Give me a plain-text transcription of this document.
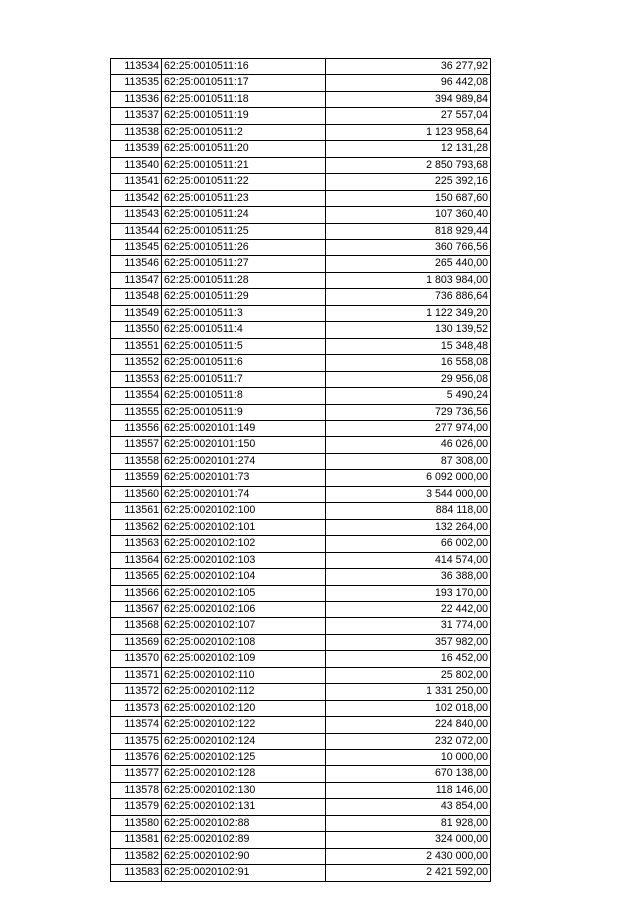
113534	62:25:0010511:16	36 277,92
113535	62:25:0010511:17	96 442,08
113536	62:25:0010511:18	394 989,84
113537	62:25:0010511:19	27 557,04
113538	62:25:0010511:2	1 123 958,64
113539	62:25:0010511:20	12 131,28
113540	62:25:0010511:21	2 850 793,68
113541	62:25:0010511:22	225 392,16
113542	62:25:0010511:23	150 687,60
113543	62:25:0010511:24	107 360,40
113544	62:25:0010511:25	818 929,44
113545	62:25:0010511:26	360 766,56
113546	62:25:0010511:27	265 440,00
113547	62:25:0010511:28	1 803 984,00
113548	62:25:0010511:29	736 886,64
113549	62:25:0010511:3	1 122 349,20
113550	62:25:0010511:4	130 139,52
113551	62:25:0010511:5	15 348,48
113552	62:25:0010511:6	16 558,08
113553	62:25:0010511:7	29 956,08
113554	62:25:0010511:8	5 490,24
113555	62:25:0010511:9	729 736,56
113556	62:25:0020101:149	277 974,00
113557	62:25:0020101:150	46 026,00
113558	62:25:0020101:274	87 308,00
113559	62:25:0020101:73	6 092 000,00
113560	62:25:0020101:74	3 544 000,00
113561	62:25:0020102:100	884 118,00
113562	62:25:0020102:101	132 264,00
113563	62:25:0020102:102	66 002,00
113564	62:25:0020102:103	414 574,00
113565	62:25:0020102:104	36 388,00
113566	62:25:0020102:105	193 170,00
113567	62:25:0020102:106	22 442,00
113568	62:25:0020102:107	31 774,00
113569	62:25:0020102:108	357 982,00
113570	62:25:0020102:109	16 452,00
113571	62:25:0020102:110	25 802,00
113572	62:25:0020102:112	1 331 250,00
113573	62:25:0020102:120	102 018,00
113574	62:25:0020102:122	224 840,00
113575	62:25:0020102:124	232 072,00
113576	62:25:0020102:125	10 000,00
113577	62:25:0020102:128	670 138,00
113578	62:25:0020102:130	118 146,00
113579	62:25:0020102:131	43 854,00
113580	62:25:0020102:88	81 928,00
113581	62:25:0020102:89	324 000,00
113582	62:25:0020102:90	2 430 000,00
113583	62:25:0020102:91	2 421 592,00
